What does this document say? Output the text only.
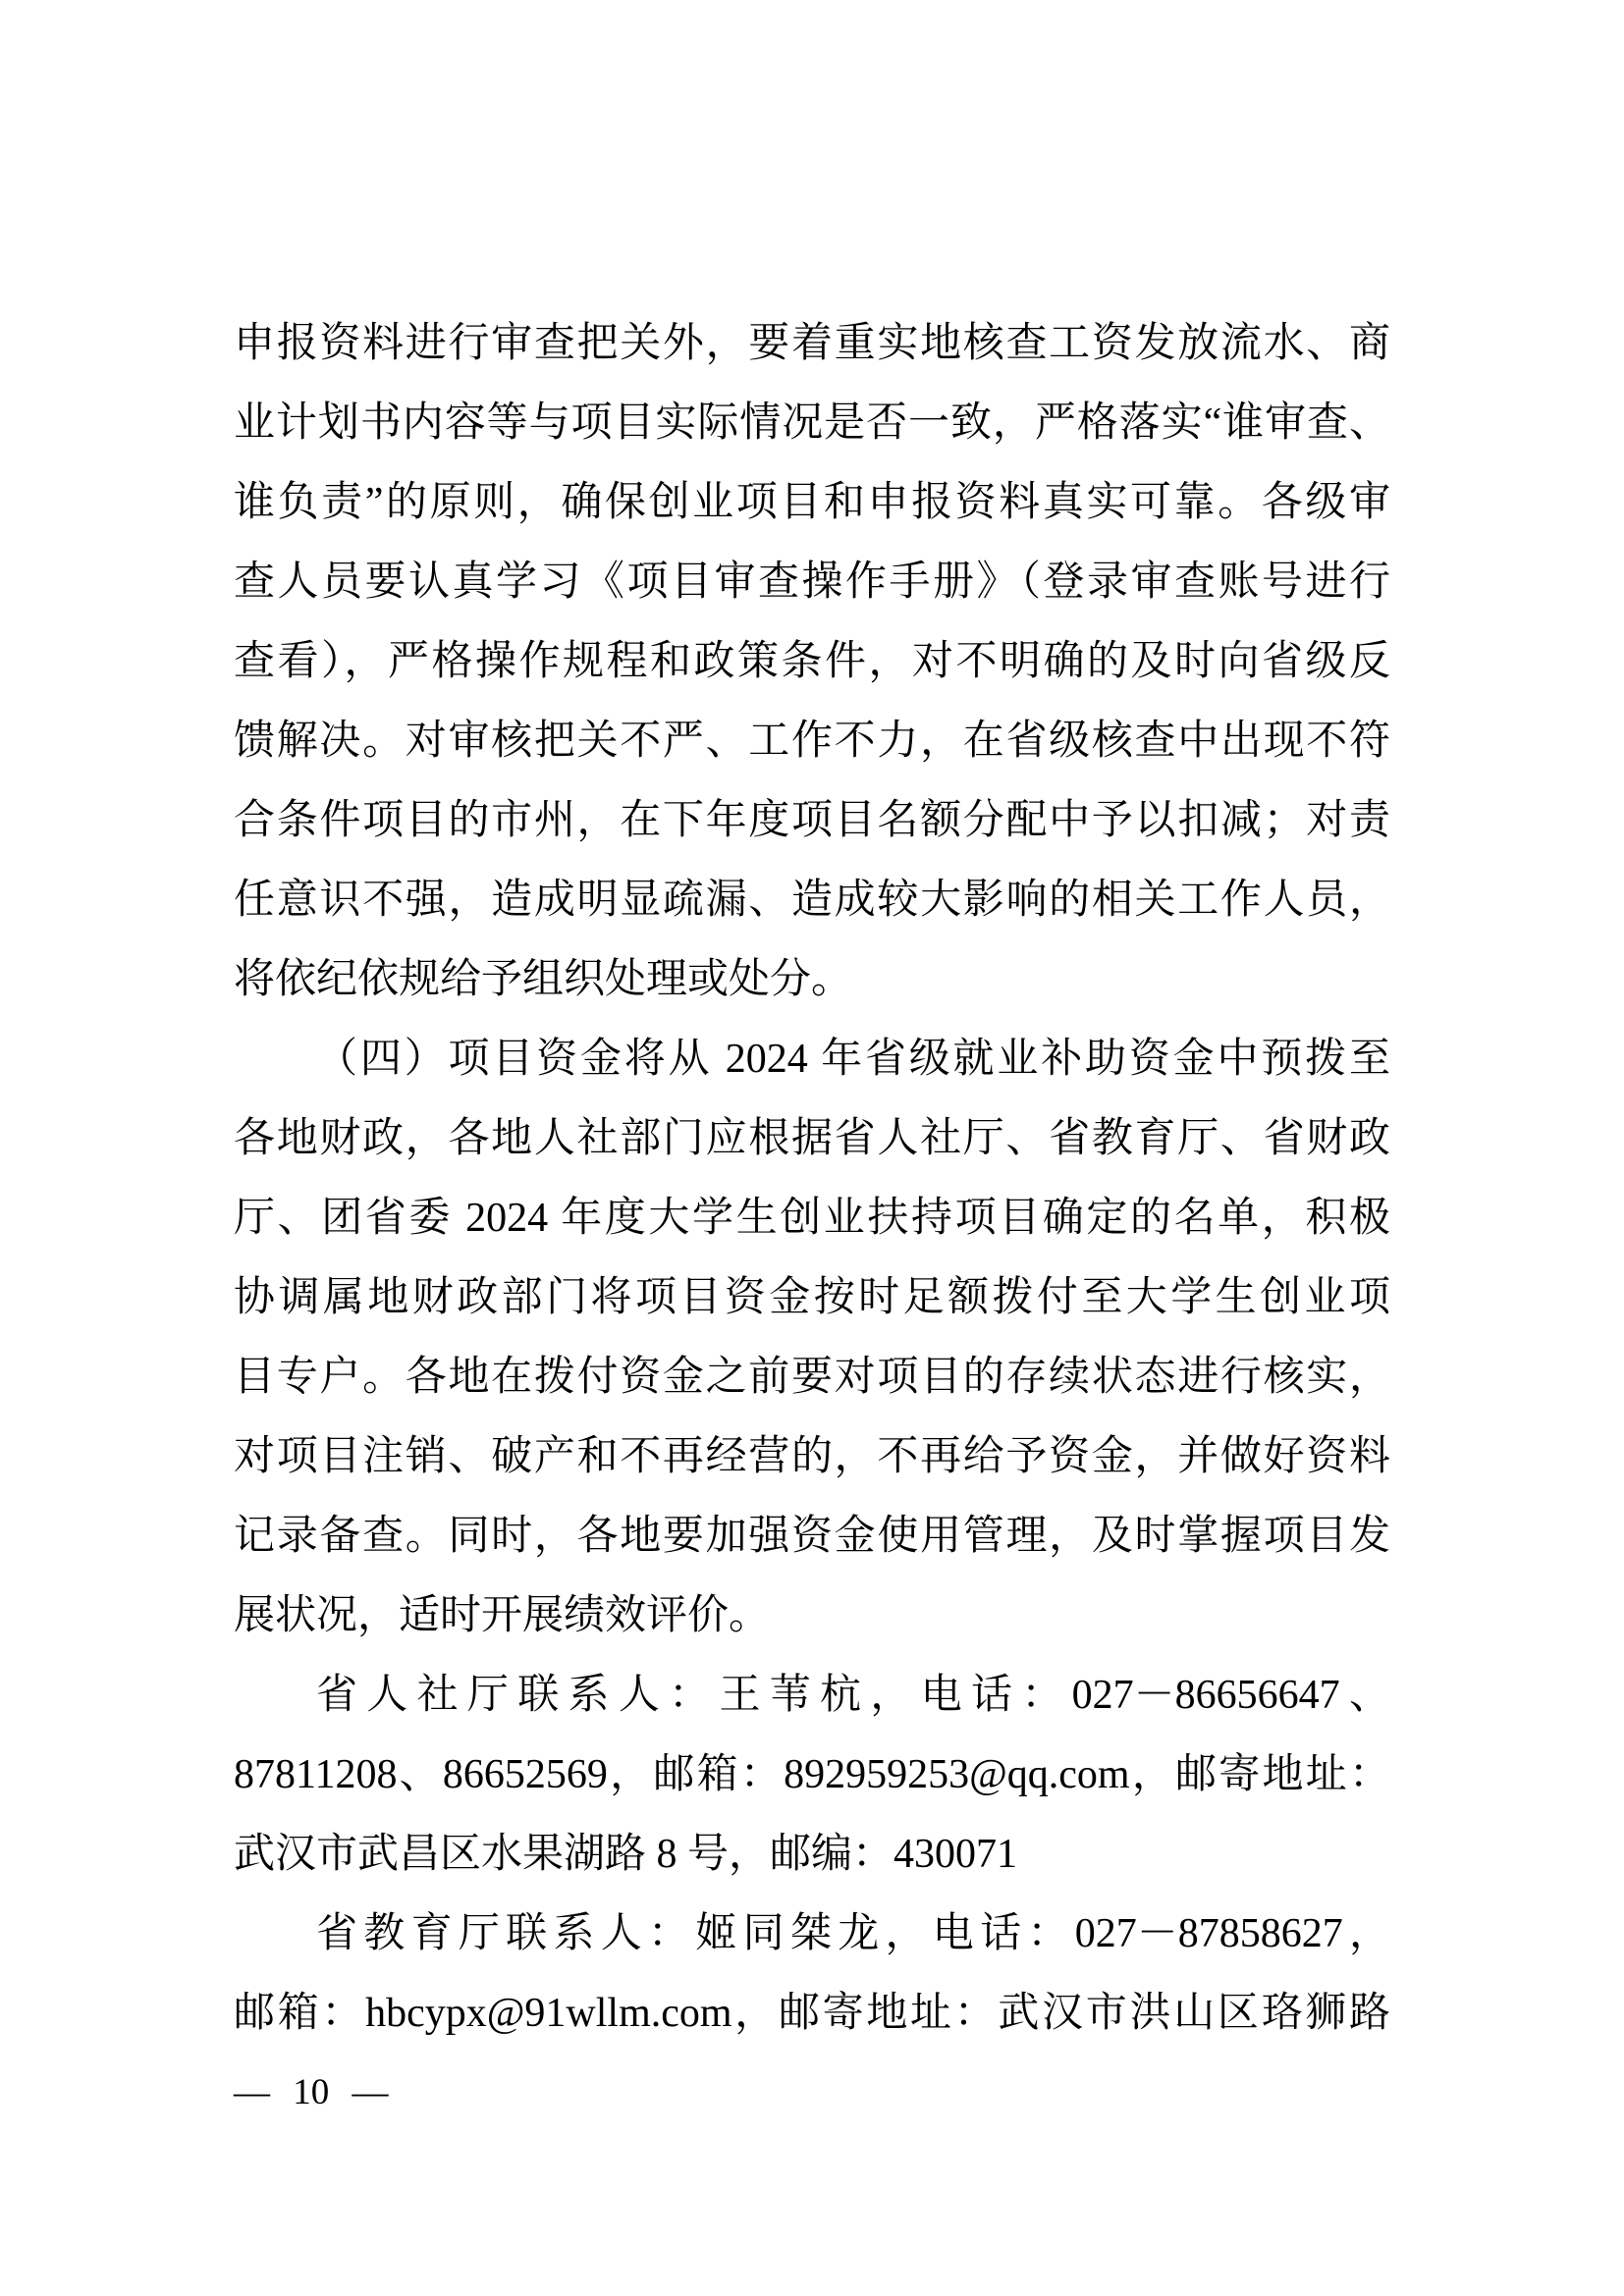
申报资料进行审查把关外，要着重实地核查工资发放流水、商
业计划书内容等与项目实际情况是否一致，严格落实“谁审查、
谁负责”的原则，确保创业项目和申报资料真实可靠。各级审
查人员要认真学习《项目审查操作手册》（登录审查账号进行
查看），严格操作规程和政策条件，对不明确的及时向省级反
馈解决。对审核把关不严、工作不力，在省级核查中出现不符
合条件项目的市州，在下年度项目名额分配中予以扣减；对责
任意识不强，造成明显疏漏、造成较大影响的相关工作人员，
将依纪依规给予组织处理或处分。
（四）项目资金将从 2024 年省级就业补助资金中预拨至
各地财政，各地人社部门应根据省人社厅、省教育厅、省财政
厅、团省委 2024 年度大学生创业扶持项目确定的名单，积极
协调属地财政部门将项目资金按时足额拨付至大学生创业项
目专户。各地在拨付资金之前要对项目的存续状态进行核实，
对项目注销、破产和不再经营的，不再给予资金，并做好资料
记录备查。同时，各地要加强资金使用管理，及时掌握项目发
展状况，适时开展绩效评价。
省人社厅联系人：王苇杭，电话：027－86656647、
87811208、86652569，邮箱：892959253@qq.com，邮寄地址：
武汉市武昌区水果湖路 8 号，邮编：430071
省教育厅联系人：姬同桀龙，电话：027－87858627，
邮箱：hbcypx@91wllm.com，邮寄地址：武汉市洪山区珞狮路
— 10 —
